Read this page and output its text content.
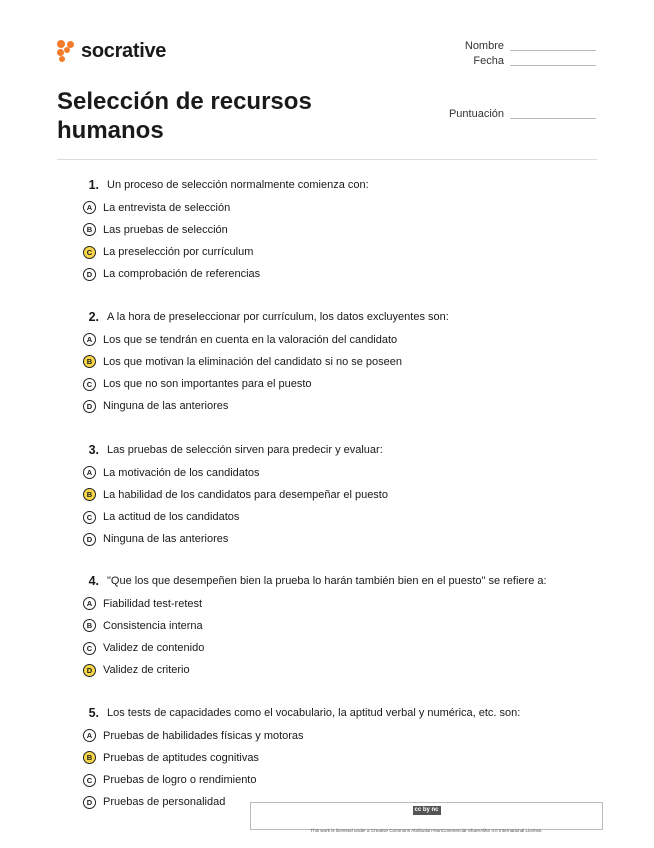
socrative	Nombre
Fecha
Puntuación
Selección de recursos humanos
1. Un proceso de selección normalmente comienza con:
A La entrevista de selección
B Las pruebas de selección
C La preselección por currículum
D La comprobación de referencias
2. A la hora de preseleccionar por currículum, los datos excluyentes son:
A Los que se tendrán en cuenta en la valoración del candidato
B Los que motivan la eliminación del candidato si no se poseen
C Los que no son importantes para el puesto
D Ninguna de las anteriores
3. Las pruebas de selección sirven para predecir y evaluar:
A La motivación de los candidatos
B La habilidad de los candidatos para desempeñar el puesto
C La actitud de los candidatos
D Ninguna de las anteriores
4. "Que los que desempeñen bien la prueba lo harán también bien en el puesto" se refiere a:
A Fiabilidad test-retest
B Consistencia interna
C Validez de contenido
D Validez de criterio
5. Los tests de capacidades como el vocabulario, la aptitud verbal y numérica, etc. son:
A Pruebas de habilidades físicas y motoras
B Pruebas de aptitudes cognitivas
C Pruebas de logro o rendimiento
D Pruebas de personalidad
cc by nc sa
This work is licensed under a Creative Commons Attribution-NonCommercial-ShareAlike 4.0 International License.
